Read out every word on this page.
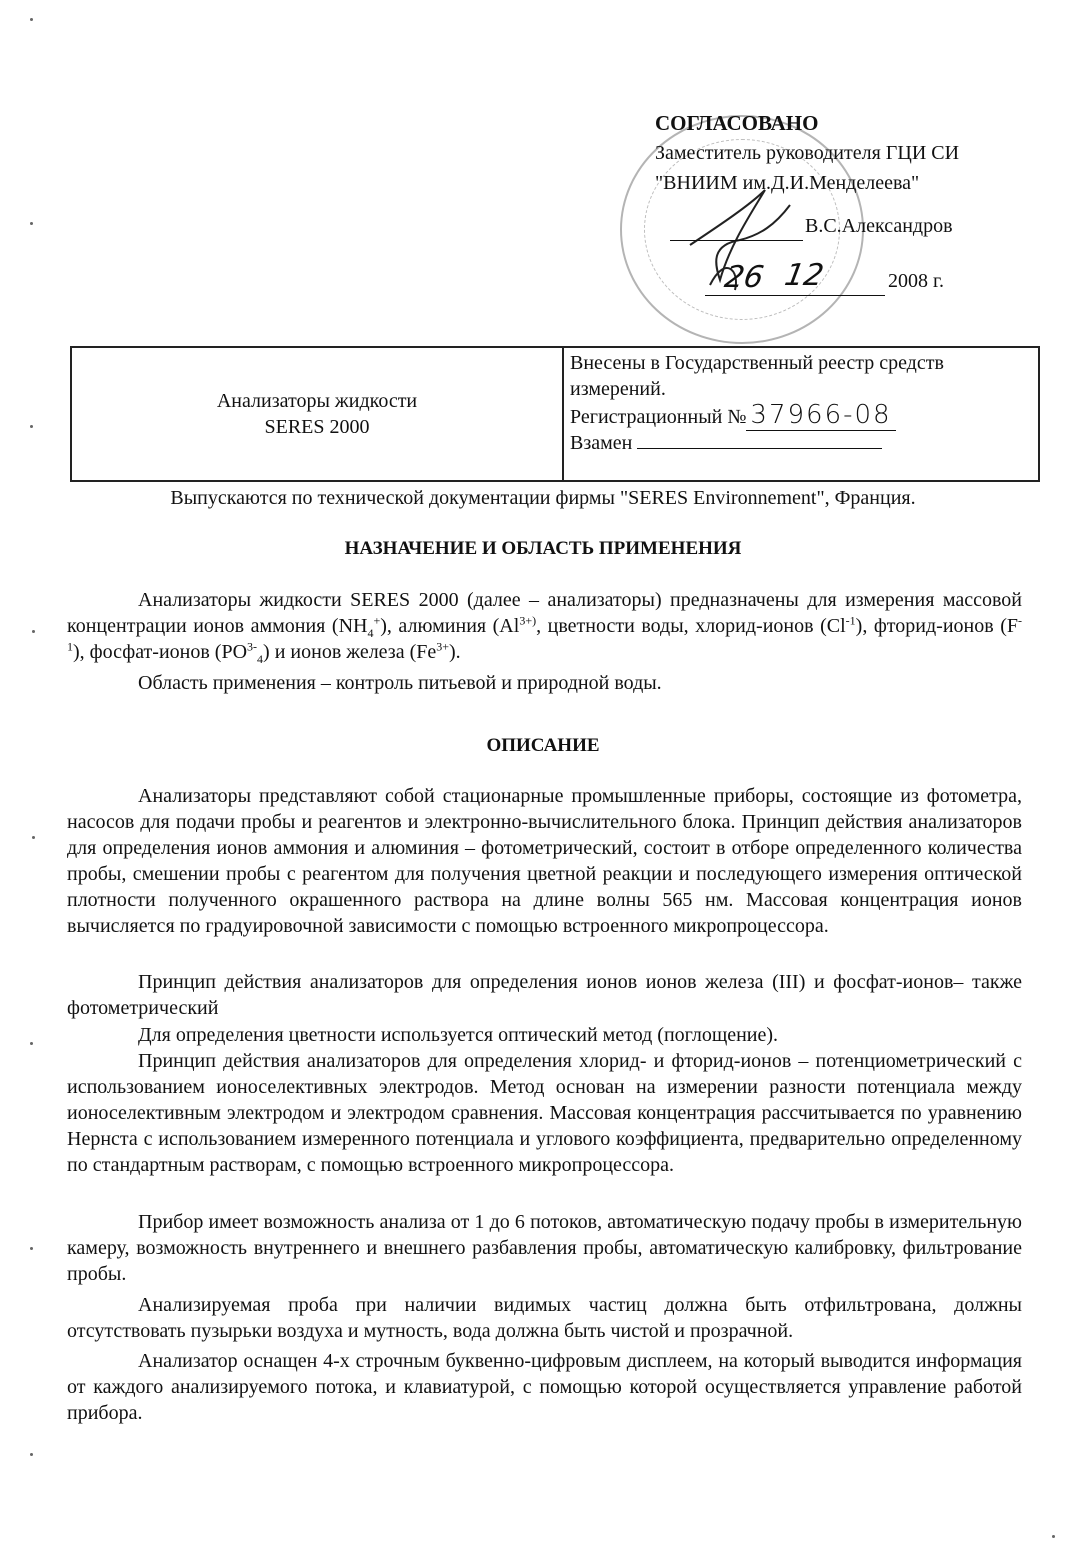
СОГЛАСОВАНО
Заместитель руководителя ГЦИ СИ
"ВНИИМ им.Д.И.Менделеева"
В.С.Александров
26 12	2008 г.
Анализаторы жидкости
SERES 2000
Внесены в Государственный реестр средств
измерений.
Регистрационный № 37966-08
Взамен
Выпускаются по технической документации фирмы "SERES Environnement", Франция.
НАЗНАЧЕНИЕ И ОБЛАСТЬ ПРИМЕНЕНИЯ

Анализаторы жидкости SERES 2000 (далее – анализаторы) предназначены для измерения массовой концентрации ионов аммония $(NH_4^+)$, алюминия ($Al^{3+)}$, цветности воды, хлорид-ионов $(Cl^{-1})$, фторид-ионов $(F^{-1})$, фосфат-ионов $(PO^{3-}_4)$ и ионов железа $(Fe^{3+})$.

Область применения – контроль питьевой и природной воды.

ОПИСАНИЕ

Анализаторы представляют собой стационарные промышленные приборы, состоящие из фотометра, насосов для подачи пробы и реагентов и электронно-вычислительного блока. Принцип действия анализаторов для определения ионов аммония и алюминия – фотометрический, состоит в отборе определенного количества пробы, смешении пробы с реагентом для получения цветной реакции и последующего измерения оптической плотности полученного окрашенного раствора на длине волны 565 нм. Массовая концентрация ионов вычисляется по градуировочной зависимости с помощью встроенного микропроцессора.

Принцип действия анализаторов для определения ионов ионов железа (III) и фосфат-ионов– также фотометрический

Для определения цветности используется оптический метод (поглощение).

Принцип действия анализаторов для определения хлорид- и фторид-ионов – потенциометрический с использованием ионоселективных электродов. Метод основан на измерении разности потенциала между ионоселективным электродом и электродом сравнения. Массовая концентрация рассчитывается по уравнению Нернста с использованием измеренного потенциала и углового коэффициента, предварительно определенному по стандартным растворам, с помощью встроенного микропроцессора.

Прибор имеет возможность анализа от 1 до 6 потоков, автоматическую подачу пробы в измерительную камеру, возможность внутреннего и внешнего разбавления пробы, автоматическую калибровку, фильтрование пробы.

Анализируемая проба при наличии видимых частиц должна быть отфильтрована, должны отсутствовать пузырьки воздуха и мутность, вода должна быть чистой и прозрачной.

Анализатор оснащен 4-х строчным буквенно-цифровым дисплеем, на который выводится информация от каждого анализируемого потока, и клавиатурой, с помощью которой осуществляется управление работой прибора.
